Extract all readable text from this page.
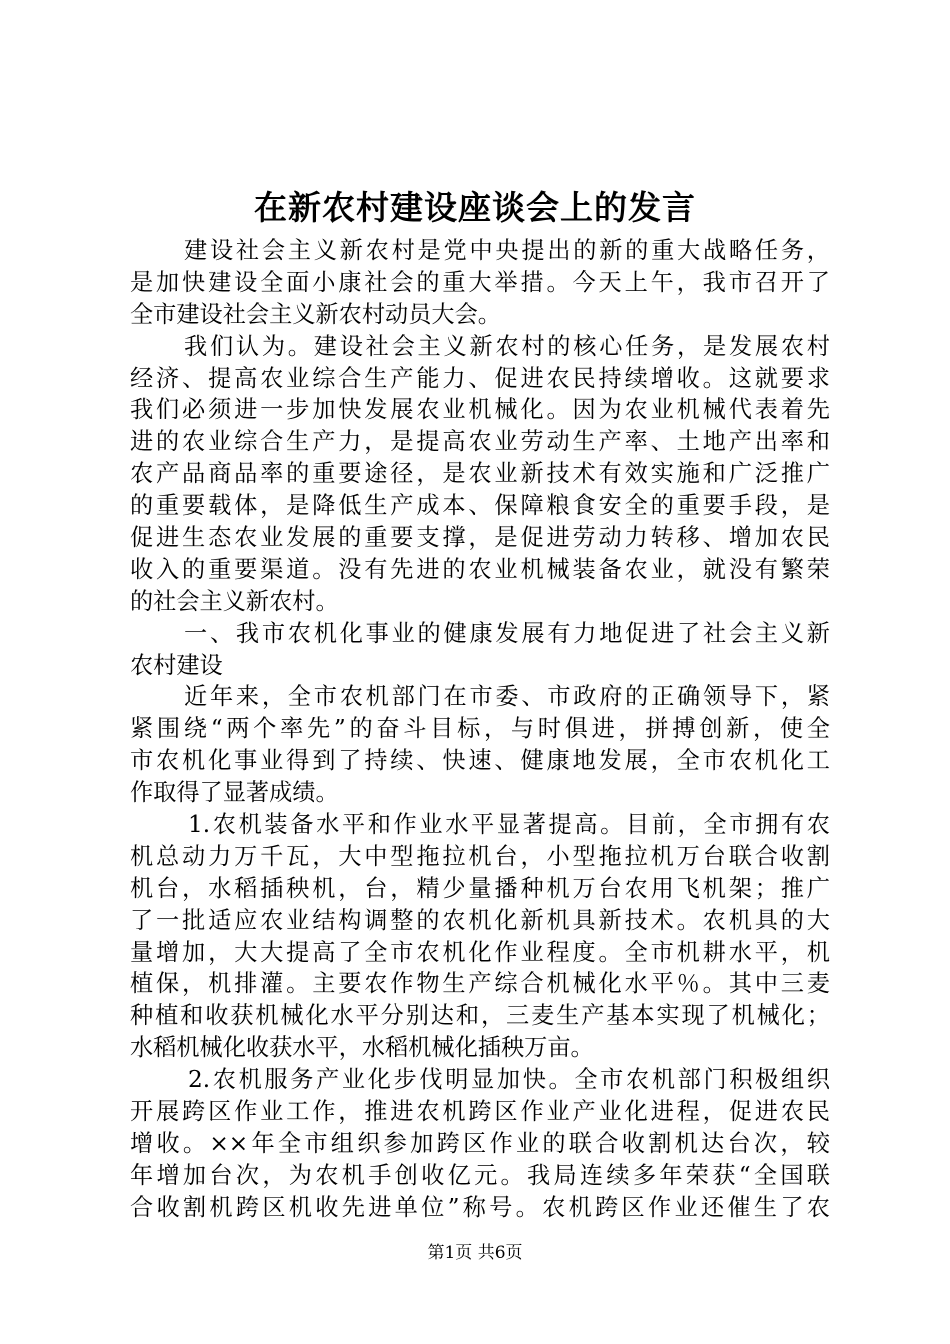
在新农村建设座谈会上的发言
建设社会主义新农村是党中央提出的新的重大战略任务，
是加快建设全面小康社会的重大举措。今天上午，我市召开了
全市建设社会主义新农村动员大会。
我们认为。建设社会主义新农村的核心任务，是发展农村
经济、提高农业综合生产能力、促进农民持续增收。这就要求
我们必须进一步加快发展农业机械化。因为农业机械代表着先
进的农业综合生产力，是提高农业劳动生产率、土地产出率和
农产品商品率的重要途径，是农业新技术有效实施和广泛推广
的重要载体，是降低生产成本、保障粮食安全的重要手段，是
促进生态农业发展的重要支撑，是促进劳动力转移、增加农民
收入的重要渠道。没有先进的农业机械装备农业，就没有繁荣
的社会主义新农村。
一、我市农机化事业的健康发展有力地促进了社会主义新
农村建设
近年来，全市农机部门在市委、市政府的正确领导下，紧
紧围绕“两个率先”的奋斗目标，与时俱进，拼搏创新，使全
市农机化事业得到了持续、快速、健康地发展，全市农机化工
作取得了显著成绩。
1.农机装备水平和作业水平显著提高。目前，全市拥有农
机总动力万千瓦，大中型拖拉机台，小型拖拉机万台联合收割
机台，水稻插秧机，台，精少量播种机万台农用飞机架；推广
了一批适应农业结构调整的农机化新机具新技术。农机具的大
量增加，大大提高了全市农机化作业程度。全市机耕水平，机
植保，机排灌。主要农作物生产综合机械化水平％。其中三麦
种植和收获机械化水平分别达和，三麦生产基本实现了机械化；
水稻机械化收获水平，水稻机械化插秧万亩。
2.农机服务产业化步伐明显加快。全市农机部门积极组织
开展跨区作业工作，推进农机跨区作业产业化进程，促进农民
增收。××年全市组织参加跨区作业的联合收割机达台次，较
年增加台次，为农机手创收亿元。我局连续多年荣获“全国联
合收割机跨区机收先进单位”称号。农机跨区作业还催生了农
第1页 共6页
